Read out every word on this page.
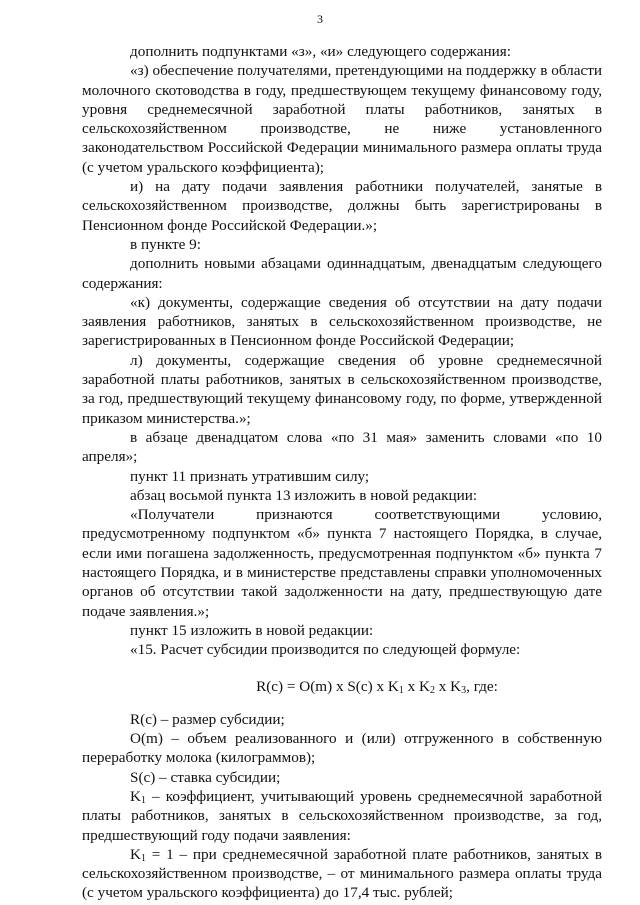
3

дополнить подпунктами «з», «и» следующего содержания:

«з) обеспечение получателями, претендующими на поддержку в области молочного скотоводства в году, предшествующем текущему финансовому году, уровня среднемесячной заработной платы работников, занятых в сельскохозяйственном производстве, не ниже установленного законодательством Российской Федерации минимального размера оплаты труда (с учетом уральского коэффициента);

и) на дату подачи заявления работники получателей, занятые в сельскохозяйственном производстве, должны быть зарегистрированы в Пенсионном фонде Российской Федерации.»;

в пункте 9:

дополнить новыми абзацами одиннадцатым, двенадцатым следующего содержания:

«к) документы, содержащие сведения об отсутствии на дату подачи заявления работников, занятых в сельскохозяйственном производстве, не зарегистрированных в Пенсионном фонде Российской Федерации;

л) документы, содержащие сведения об уровне среднемесячной заработной платы работников, занятых в сельскохозяйственном производстве, за год, предшествующий текущему финансовому году, по форме, утвержденной приказом министерства.»;

в абзаце двенадцатом слова «по 31 мая» заменить словами «по 10 апреля»;

пункт 11 признать утратившим силу;

абзац восьмой пункта 13 изложить в новой редакции:

«Получатели признаются соответствующими условию, предусмотренному подпунктом «б» пункта 7 настоящего Порядка, в случае, если ими погашена задолженность, предусмотренная подпунктом «б» пункта 7 настоящего Порядка, и в министерстве представлены справки уполномоченных органов об отсутствии такой задолженности на дату, предшествующую дате подаче заявления.»;

пункт 15 изложить в новой редакции:

«15. Расчет субсидии производится по следующей формуле:

R(c) = O(m) x S(c) x $K_1$ x $K_2$ x $K_3$, где:

R(c) – размер субсидии;

O(m) – объем реализованного и (или) отгруженного в собственную переработку молока (килограммов);

S(c) – ставка субсидии;

$K_1$ – коэффициент, учитывающий уровень среднемесячной заработной платы работников, занятых в сельскохозяйственном производстве, за год, предшествующий году подачи заявления:

$K_1 = 1$ – при среднемесячной заработной плате работников, занятых в сельскохозяйственном производстве, – от минимального размера оплаты труда (с учетом уральского коэффициента) до 17,4 тыс. рублей;
